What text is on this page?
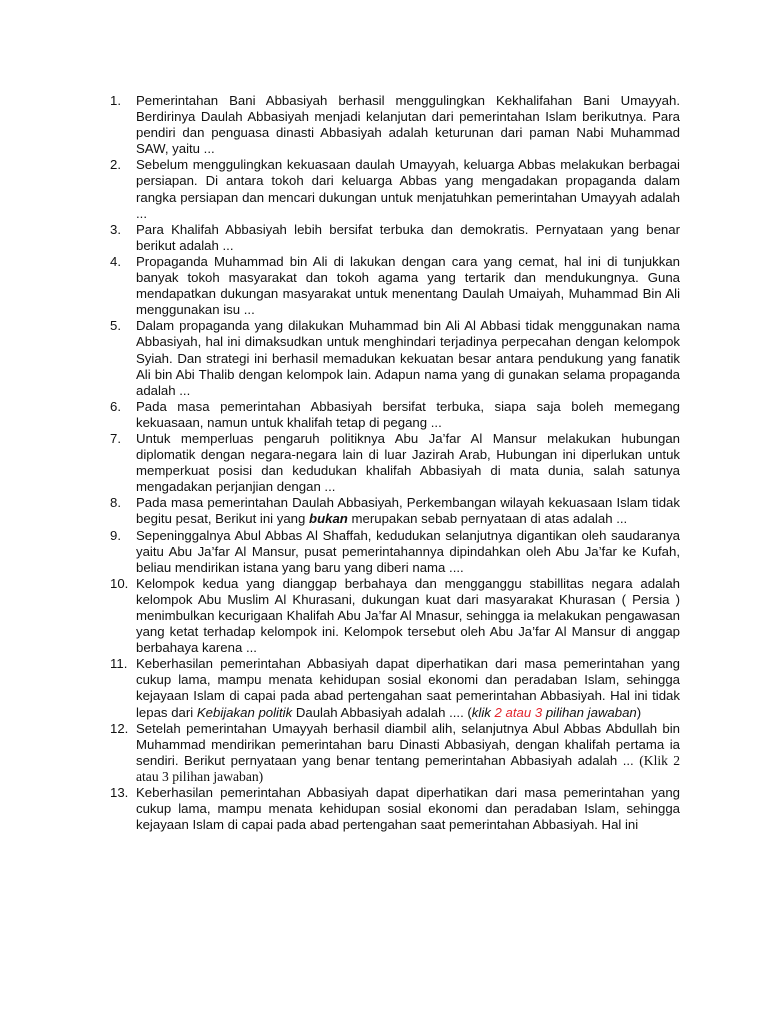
1. Pemerintahan Bani Abbasiyah berhasil menggulingkan Kekhalifahan Bani Umayyah. Berdirinya Daulah Abbasiyah menjadi kelanjutan dari pemerintahan Islam berikutnya. Para pendiri dan penguasa dinasti Abbasiyah adalah keturunan dari paman Nabi Muhammad SAW, yaitu ...
2. Sebelum menggulingkan kekuasaan daulah Umayyah, keluarga Abbas melakukan berbagai persiapan. Di antara tokoh dari keluarga Abbas yang mengadakan propaganda dalam rangka persiapan dan mencari dukungan untuk menjatuhkan pemerintahan Umayyah adalah ...
3. Para Khalifah Abbasiyah lebih bersifat terbuka dan demokratis. Pernyataan yang benar berikut adalah ...
4. Propaganda Muhammad bin Ali di lakukan dengan cara yang cemat, hal ini di tunjukkan banyak tokoh masyarakat dan tokoh agama yang tertarik dan mendukungnya. Guna mendapatkan dukungan masyarakat untuk menentang Daulah Umaiyah, Muhammad Bin Ali menggunakan isu ...
5. Dalam propaganda yang dilakukan Muhammad bin Ali Al Abbasi tidak menggunakan nama Abbasiyah, hal ini dimaksudkan untuk menghindari terjadinya perpecahan dengan kelompok Syiah. Dan strategi ini berhasil memadukan kekuatan besar antara pendukung yang fanatik Ali bin Abi Thalib dengan kelompok lain. Adapun nama yang di gunakan selama propaganda adalah ...
6. Pada masa pemerintahan Abbasiyah bersifat terbuka, siapa saja boleh memegang kekuasaan, namun untuk khalifah tetap di pegang ...
7. Untuk memperluas pengaruh politiknya Abu Ja’far Al Mansur melakukan hubungan diplomatik dengan negara-negara lain di luar Jazirah Arab, Hubungan ini diperlukan untuk memperkuat posisi dan kedudukan khalifah Abbasiyah di mata dunia, salah satunya mengadakan perjanjian dengan ...
8. Pada masa pemerintahan Daulah Abbasiyah, Perkembangan wilayah kekuasaan Islam tidak begitu pesat, Berikut ini yang bukan merupakan sebab pernyataan di atas adalah ...
9. Sepeninggalnya Abul Abbas Al Shaffah, kedudukan selanjutnya digantikan oleh saudaranya yaitu Abu Ja’far Al Mansur, pusat pemerintahannya dipindahkan oleh Abu Ja’far ke Kufah, beliau mendirikan istana yang baru yang diberi nama ....
10. Kelompok kedua yang dianggap berbahaya dan mengganggu stabillitas negara adalah kelompok Abu Muslim Al Khurasani, dukungan kuat dari masyarakat Khurasan ( Persia ) menimbulkan kecurigaan Khalifah Abu Ja’far Al Mnasur, sehingga ia melakukan pengawasan yang ketat terhadap kelompok ini. Kelompok tersebut oleh Abu Ja’far Al Mansur di anggap berbahaya karena ...
11. Keberhasilan pemerintahan Abbasiyah dapat diperhatikan dari masa pemerintahan yang cukup lama, mampu menata kehidupan sosial ekonomi dan peradaban Islam, sehingga kejayaan Islam di capai pada abad pertengahan saat pemerintahan Abbasiyah. Hal ini tidak lepas dari Kebijakan politik Daulah Abbasiyah adalah .... (klik 2 atau 3 pilihan jawaban)
12. Setelah pemerintahan Umayyah berhasil diambil alih, selanjutnya Abul Abbas Abdullah bin Muhammad mendirikan pemerintahan baru Dinasti Abbasiyah, dengan khalifah pertama ia sendiri. Berikut pernyataan yang benar tentang pemerintahan Abbasiyah adalah ... (Klik 2 atau 3 pilihan jawaban)
13. Keberhasilan pemerintahan Abbasiyah dapat diperhatikan dari masa pemerintahan yang cukup lama, mampu menata kehidupan sosial ekonomi dan peradaban Islam, sehingga kejayaan Islam di capai pada abad pertengahan saat pemerintahan Abbasiyah. Hal ini
